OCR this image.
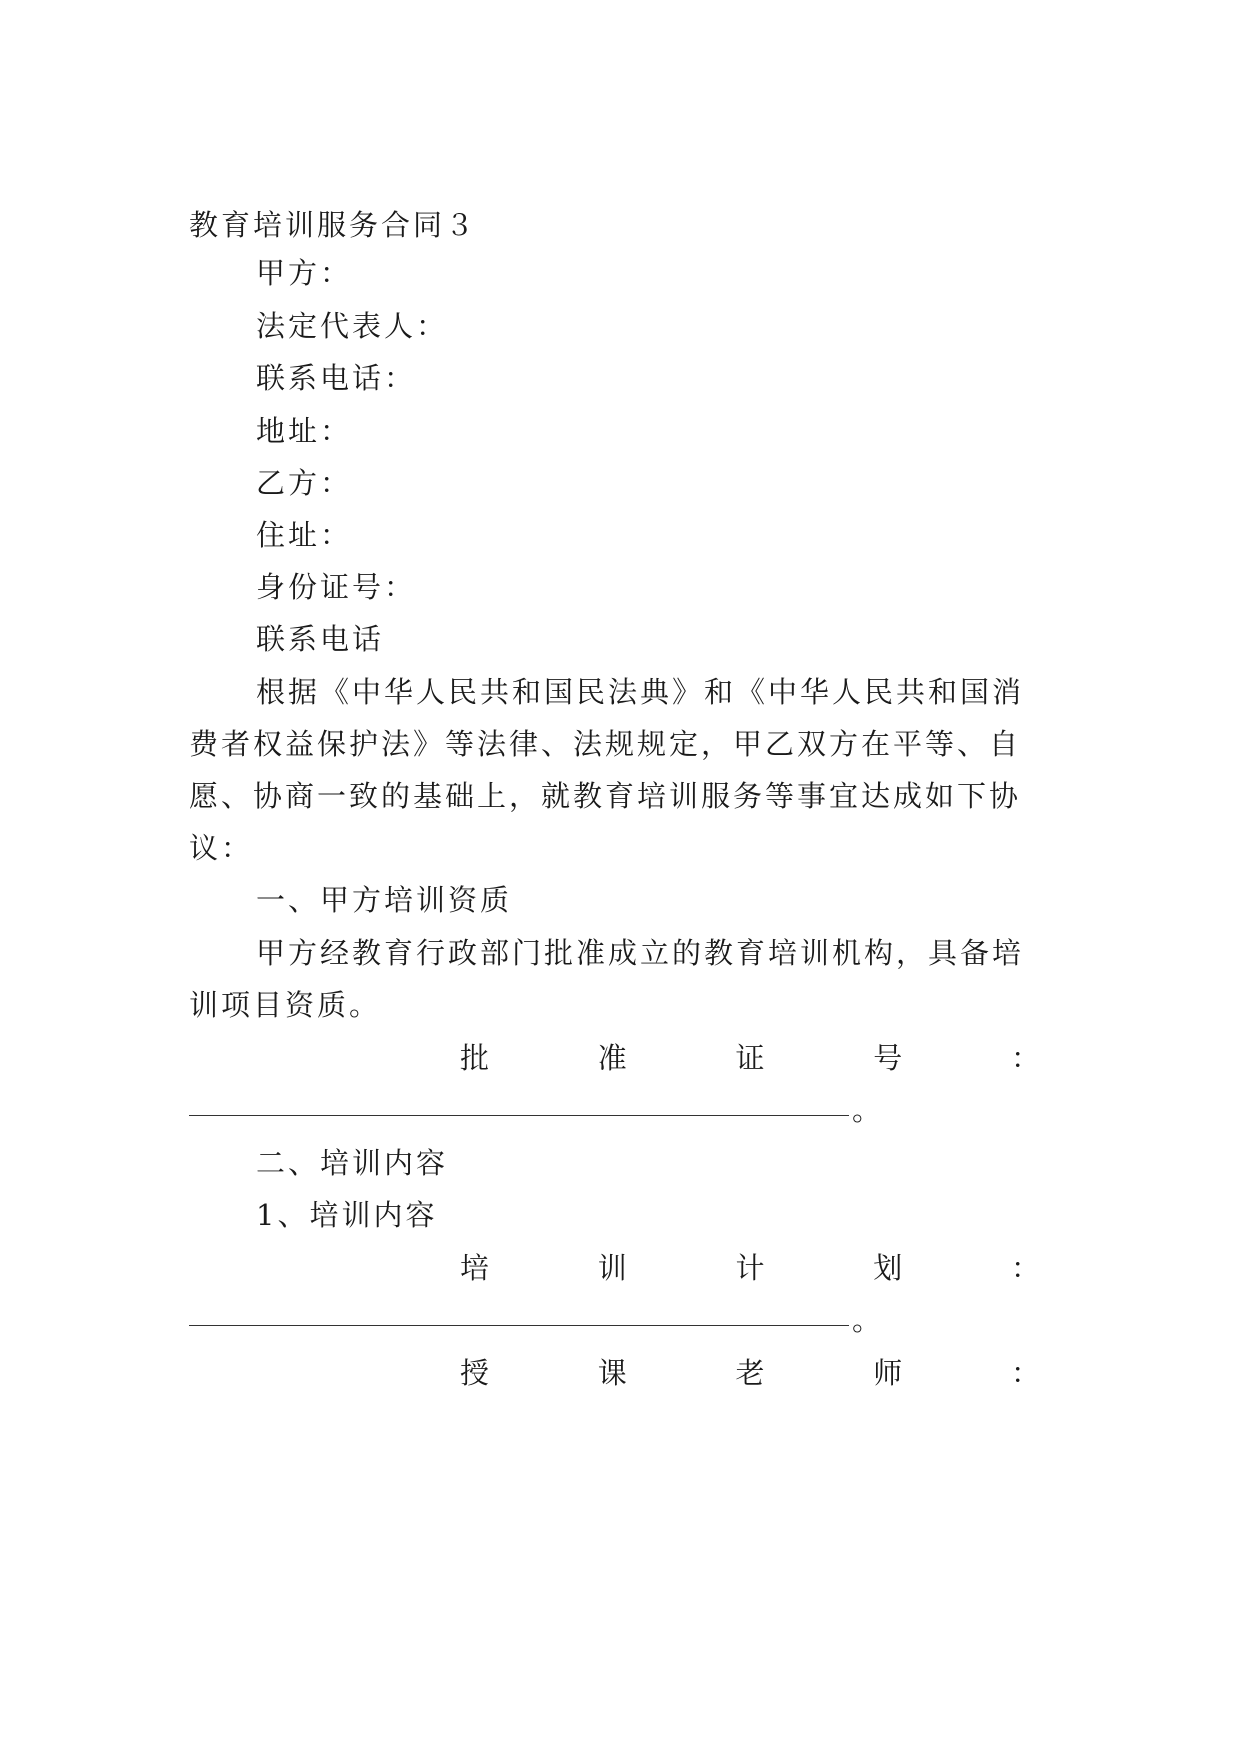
教育培训服务合同３
甲方：
法定代表人：
联系电话：
地址：
乙方：
住址：
身份证号：
联系电话
根据《中华人民共和国民法典》和《中华人民共和国消
费者权益保护法》等法律、法规规定，甲乙双方在平等、自
愿、协商一致的基础上，就教育培训服务等事宜达成如下协
议：
一、甲方培训资质
甲方经教育行政部门批准成立的教育培训机构，具备培
训项目资质。
批	准	证	号	：
。
二、培训内容
1、培训内容
培	训	计	划	：
。
授	课	老	师	：
